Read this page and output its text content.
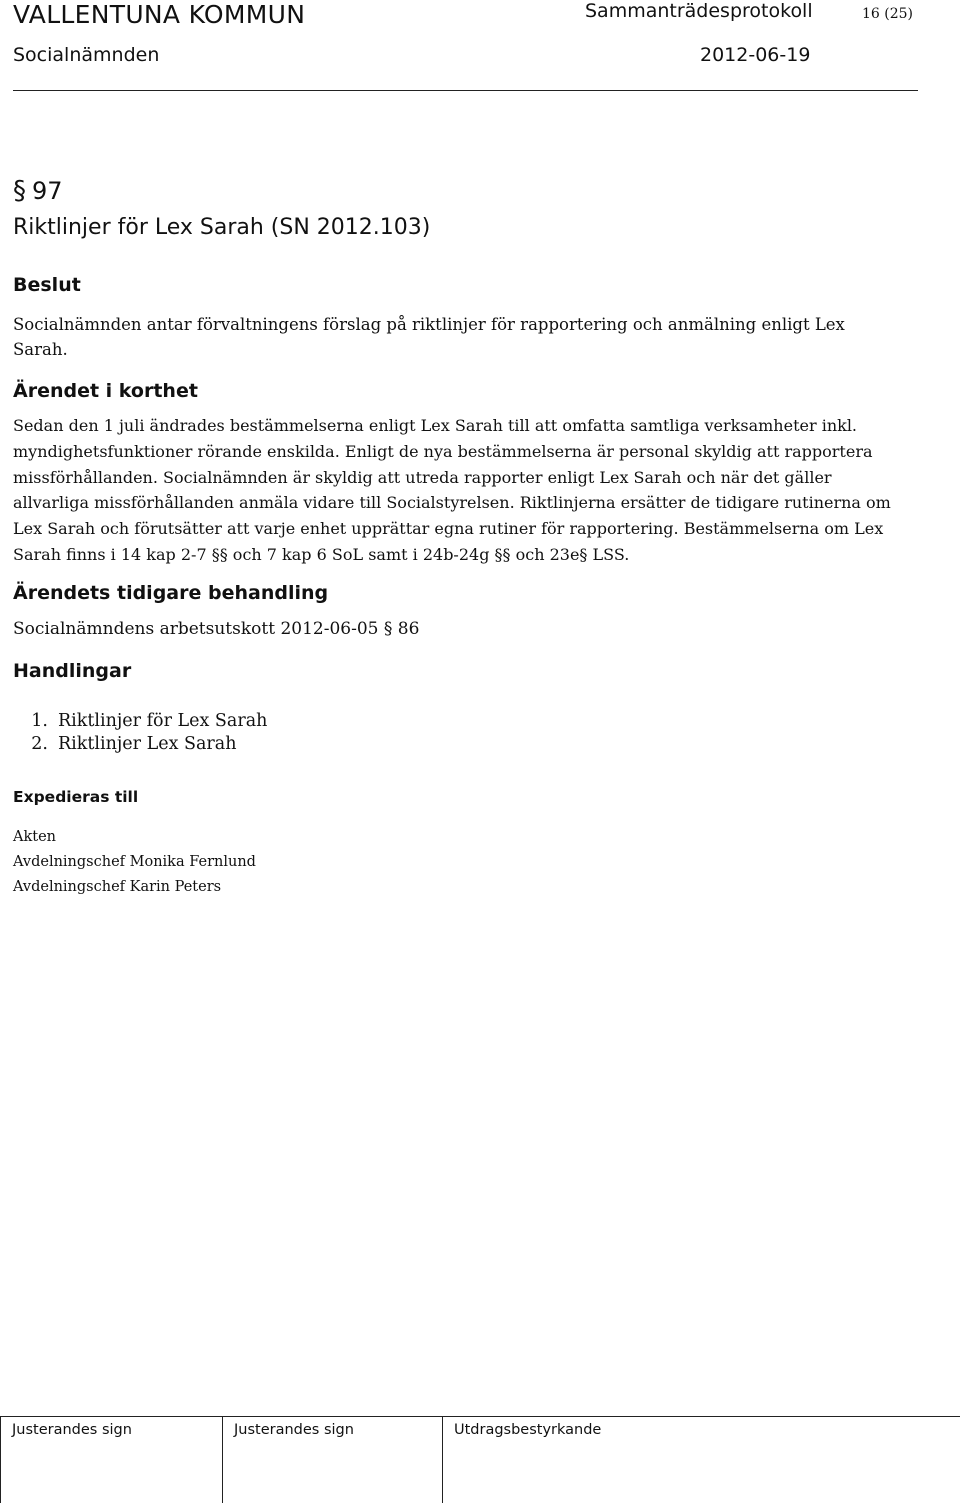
VALLENTUNA KOMMUN	Sammanträdesprotokoll	16 (25)
Socialnämnden	2012-06-19
§ 97
Riktlinjer för Lex Sarah (SN 2012.103)
Beslut

Socialnämnden antar förvaltningens förslag på riktlinjer för rapportering och anmälning enligt Lex Sarah.

Ärendet i korthet

Sedan den 1 juli ändrades bestämmelserna enligt Lex Sarah till att omfatta samtliga verksamheter inkl. myndighetsfunktioner rörande enskilda. Enligt de nya bestämmelserna är personal skyldig att rapportera missförhållanden. Socialnämnden är skyldig att utreda rapporter enligt Lex Sarah och när det gäller allvarliga missförhållanden anmäla vidare till Socialstyrelsen. Riktlinjerna ersätter de tidigare rutinerna om Lex Sarah och förutsätter att varje enhet upprättar egna rutiner för rapportering. Bestämmelserna om Lex Sarah finns i 14 kap 2-7 §§ och 7 kap 6 SoL samt i 24b-24g §§ och 23e§ LSS.

Ärendets tidigare behandling

Socialnämndens arbetsutskott 2012-06-05 § 86

Handlingar
1. Riktlinjer för Lex Sarah
2. Riktlinjer Lex Sarah
Expedieras till
Akten
Avdelningschef Monika Fernlund
Avdelningschef Karin Peters
Justerandes sign	Justerandes sign	Utdragsbestyrkande
